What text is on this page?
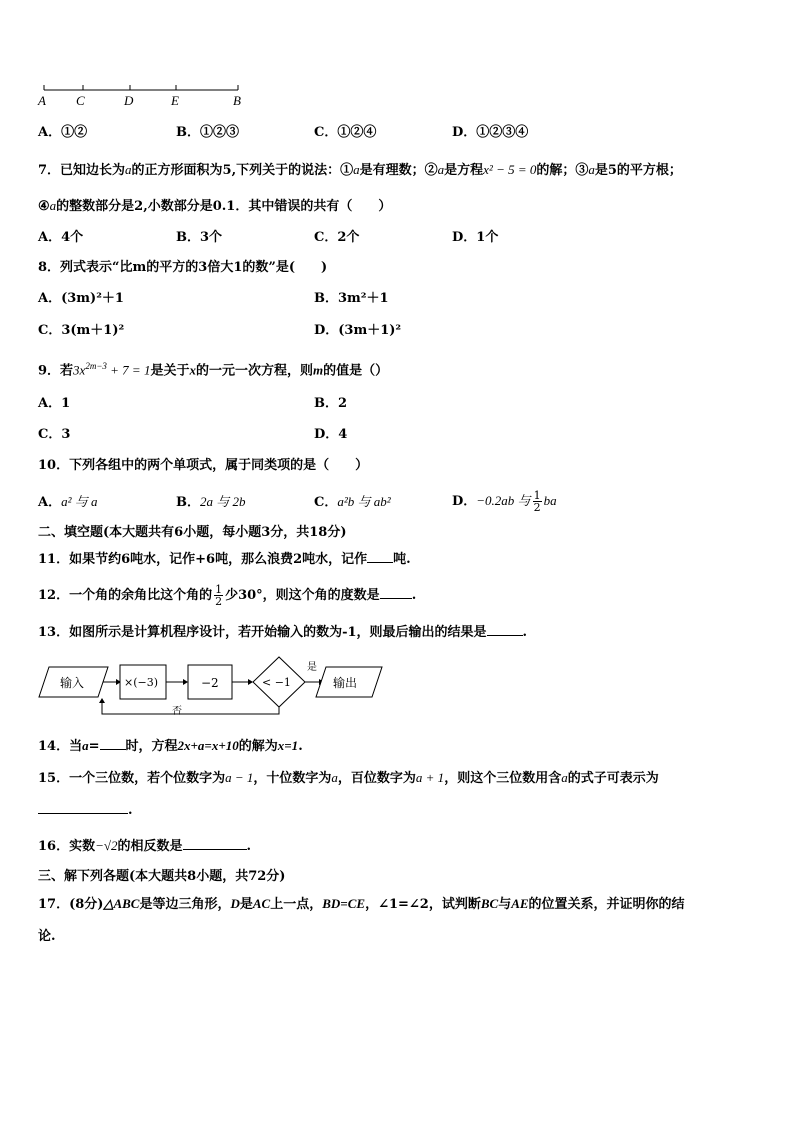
A C	D	E	B
A．①②	B．①②③	C．①②④	D．①②③④
7．已知边长为a的正方形面积为5,下列关于的说法：①a是有理数；②a是方程x² − 5 = 0的解；③a是5的平方根；
④a的整数部分是2,小数部分是0.1．其中错误的共有（　　）
A．4个	B．3个	C．2个	D．1个
8．列式表示“比m的平方的3倍大1的数”是(　　)
A．(3m)²＋1	B．3m²＋1
C．3(m＋1)²	D．(3m＋1)²
9．若$3x^{2m-3} + 7 = 1$是关于x的一元一次方程，则m的值是（）
A．1	B．2
C．3	D．4
10．下列各组中的两个单项式，属于同类项的是（　　）
A．a² 与 a	B．2a 与 2b	C．a²b 与 ab²	D．−0.2ab 与 $\frac{1}{2}$ ba
二、填空题(本大题共有6小题，每小题3分，共18分)
11．如果节约6吨水，记作+6吨，那么浪费2吨水，记作 吨.
12．一个角的余角比这个角的 $\frac{1}{2}$ 少30°，则这个角的度数是 .
13．如图所示是计算机程序设计，若开始输入的数为-1，则最后输出的结果是	.
输入	×(−3)	−2	< −1
是
输出
否
14．当a= 时，方程2x+a=x+10的解为x=1.
15．一个三位数，若个位数字为a − 1，十位数字为a，百位数字为a + 1，则这个三位数用含a的式子可表示为
.
16．实数−√2的相反数是	.
三、解下列各题(本大题共8小题，共72分)
17．(8分)△ABC是等边三角形，D是AC上一点，BD=CE，∠1=∠2，试判断BC与AE的位置关系，并证明你的结
论.
